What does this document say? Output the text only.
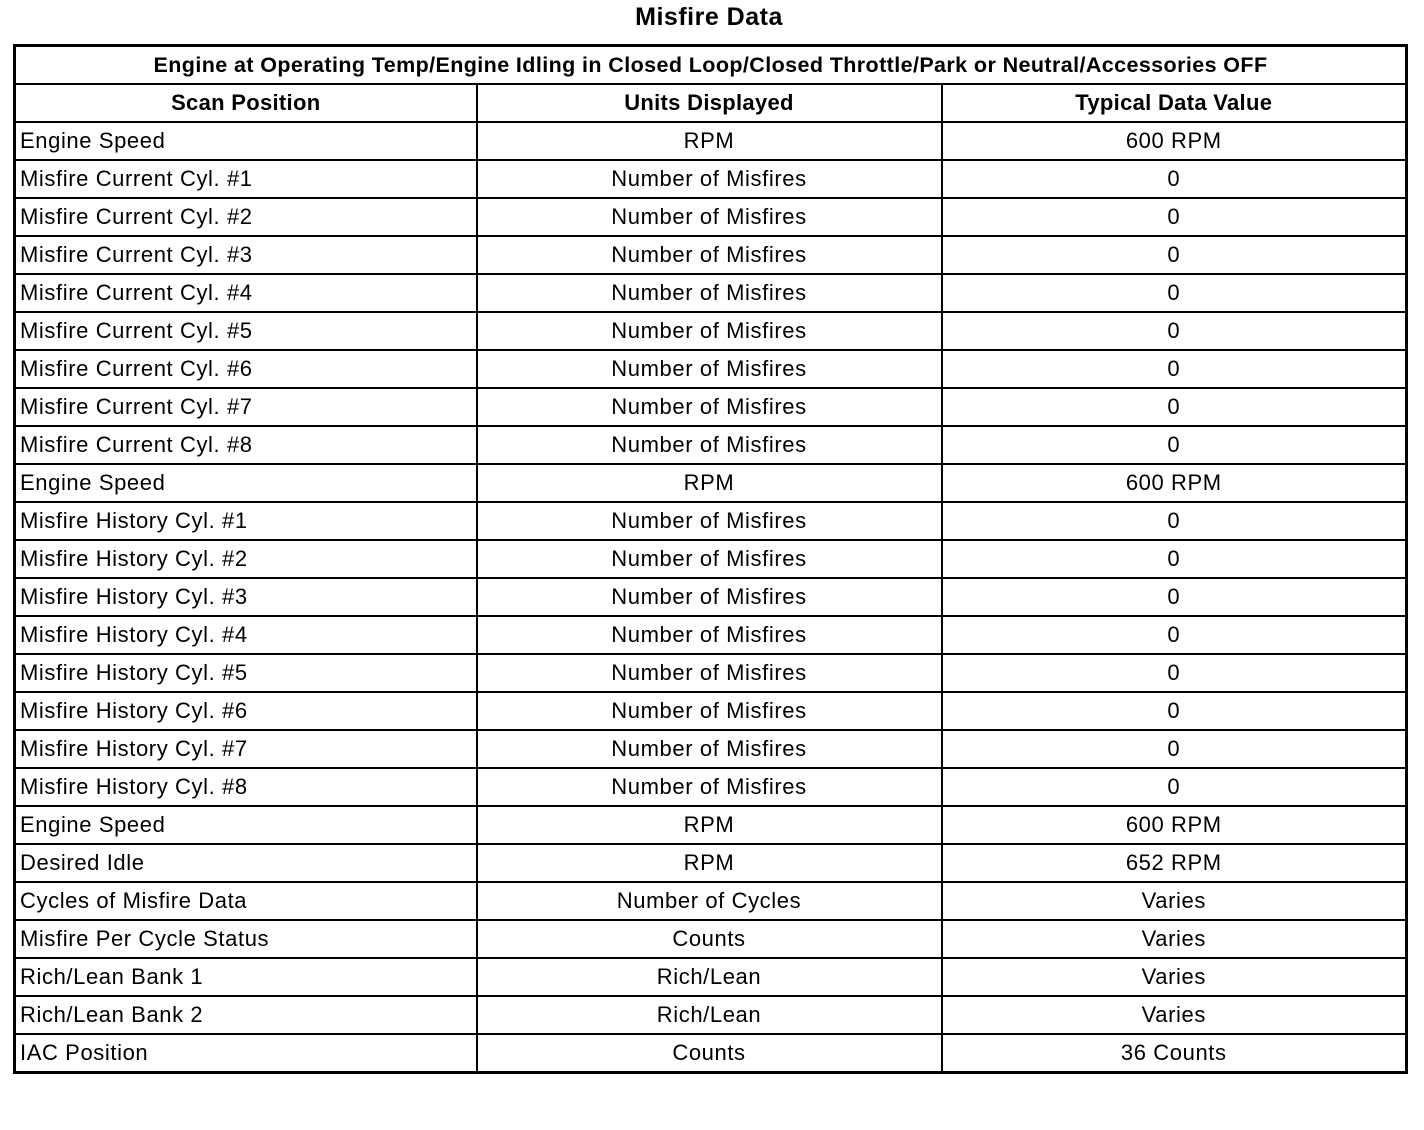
Misfire Data
Engine at Operating Temp/Engine Idling in Closed Loop/Closed Throttle/Park or Neutral/Accessories OFF		
Scan Position	Units Displayed	Typical Data Value
Engine Speed	RPM	600 RPM
Misfire Current Cyl. #1	Number of Misfires	0
Misfire Current Cyl. #2	Number of Misfires	0
Misfire Current Cyl. #3	Number of Misfires	0
Misfire Current Cyl. #4	Number of Misfires	0
Misfire Current Cyl. #5	Number of Misfires	0
Misfire Current Cyl. #6	Number of Misfires	0
Misfire Current Cyl. #7	Number of Misfires	0
Misfire Current Cyl. #8	Number of Misfires	0
Engine Speed	RPM	600 RPM
Misfire History Cyl. #1	Number of Misfires	0
Misfire History Cyl. #2	Number of Misfires	0
Misfire History Cyl. #3	Number of Misfires	0
Misfire History Cyl. #4	Number of Misfires	0
Misfire History Cyl. #5	Number of Misfires	0
Misfire History Cyl. #6	Number of Misfires	0
Misfire History Cyl. #7	Number of Misfires	0
Misfire History Cyl. #8	Number of Misfires	0
Engine Speed	RPM	600 RPM
Desired Idle	RPM	652 RPM
Cycles of Misfire Data	Number of Cycles	Varies
Misfire Per Cycle Status	Counts	Varies
Rich/Lean Bank 1	Rich/Lean	Varies
Rich/Lean Bank 2	Rich/Lean	Varies
IAC Position	Counts	36 Counts
